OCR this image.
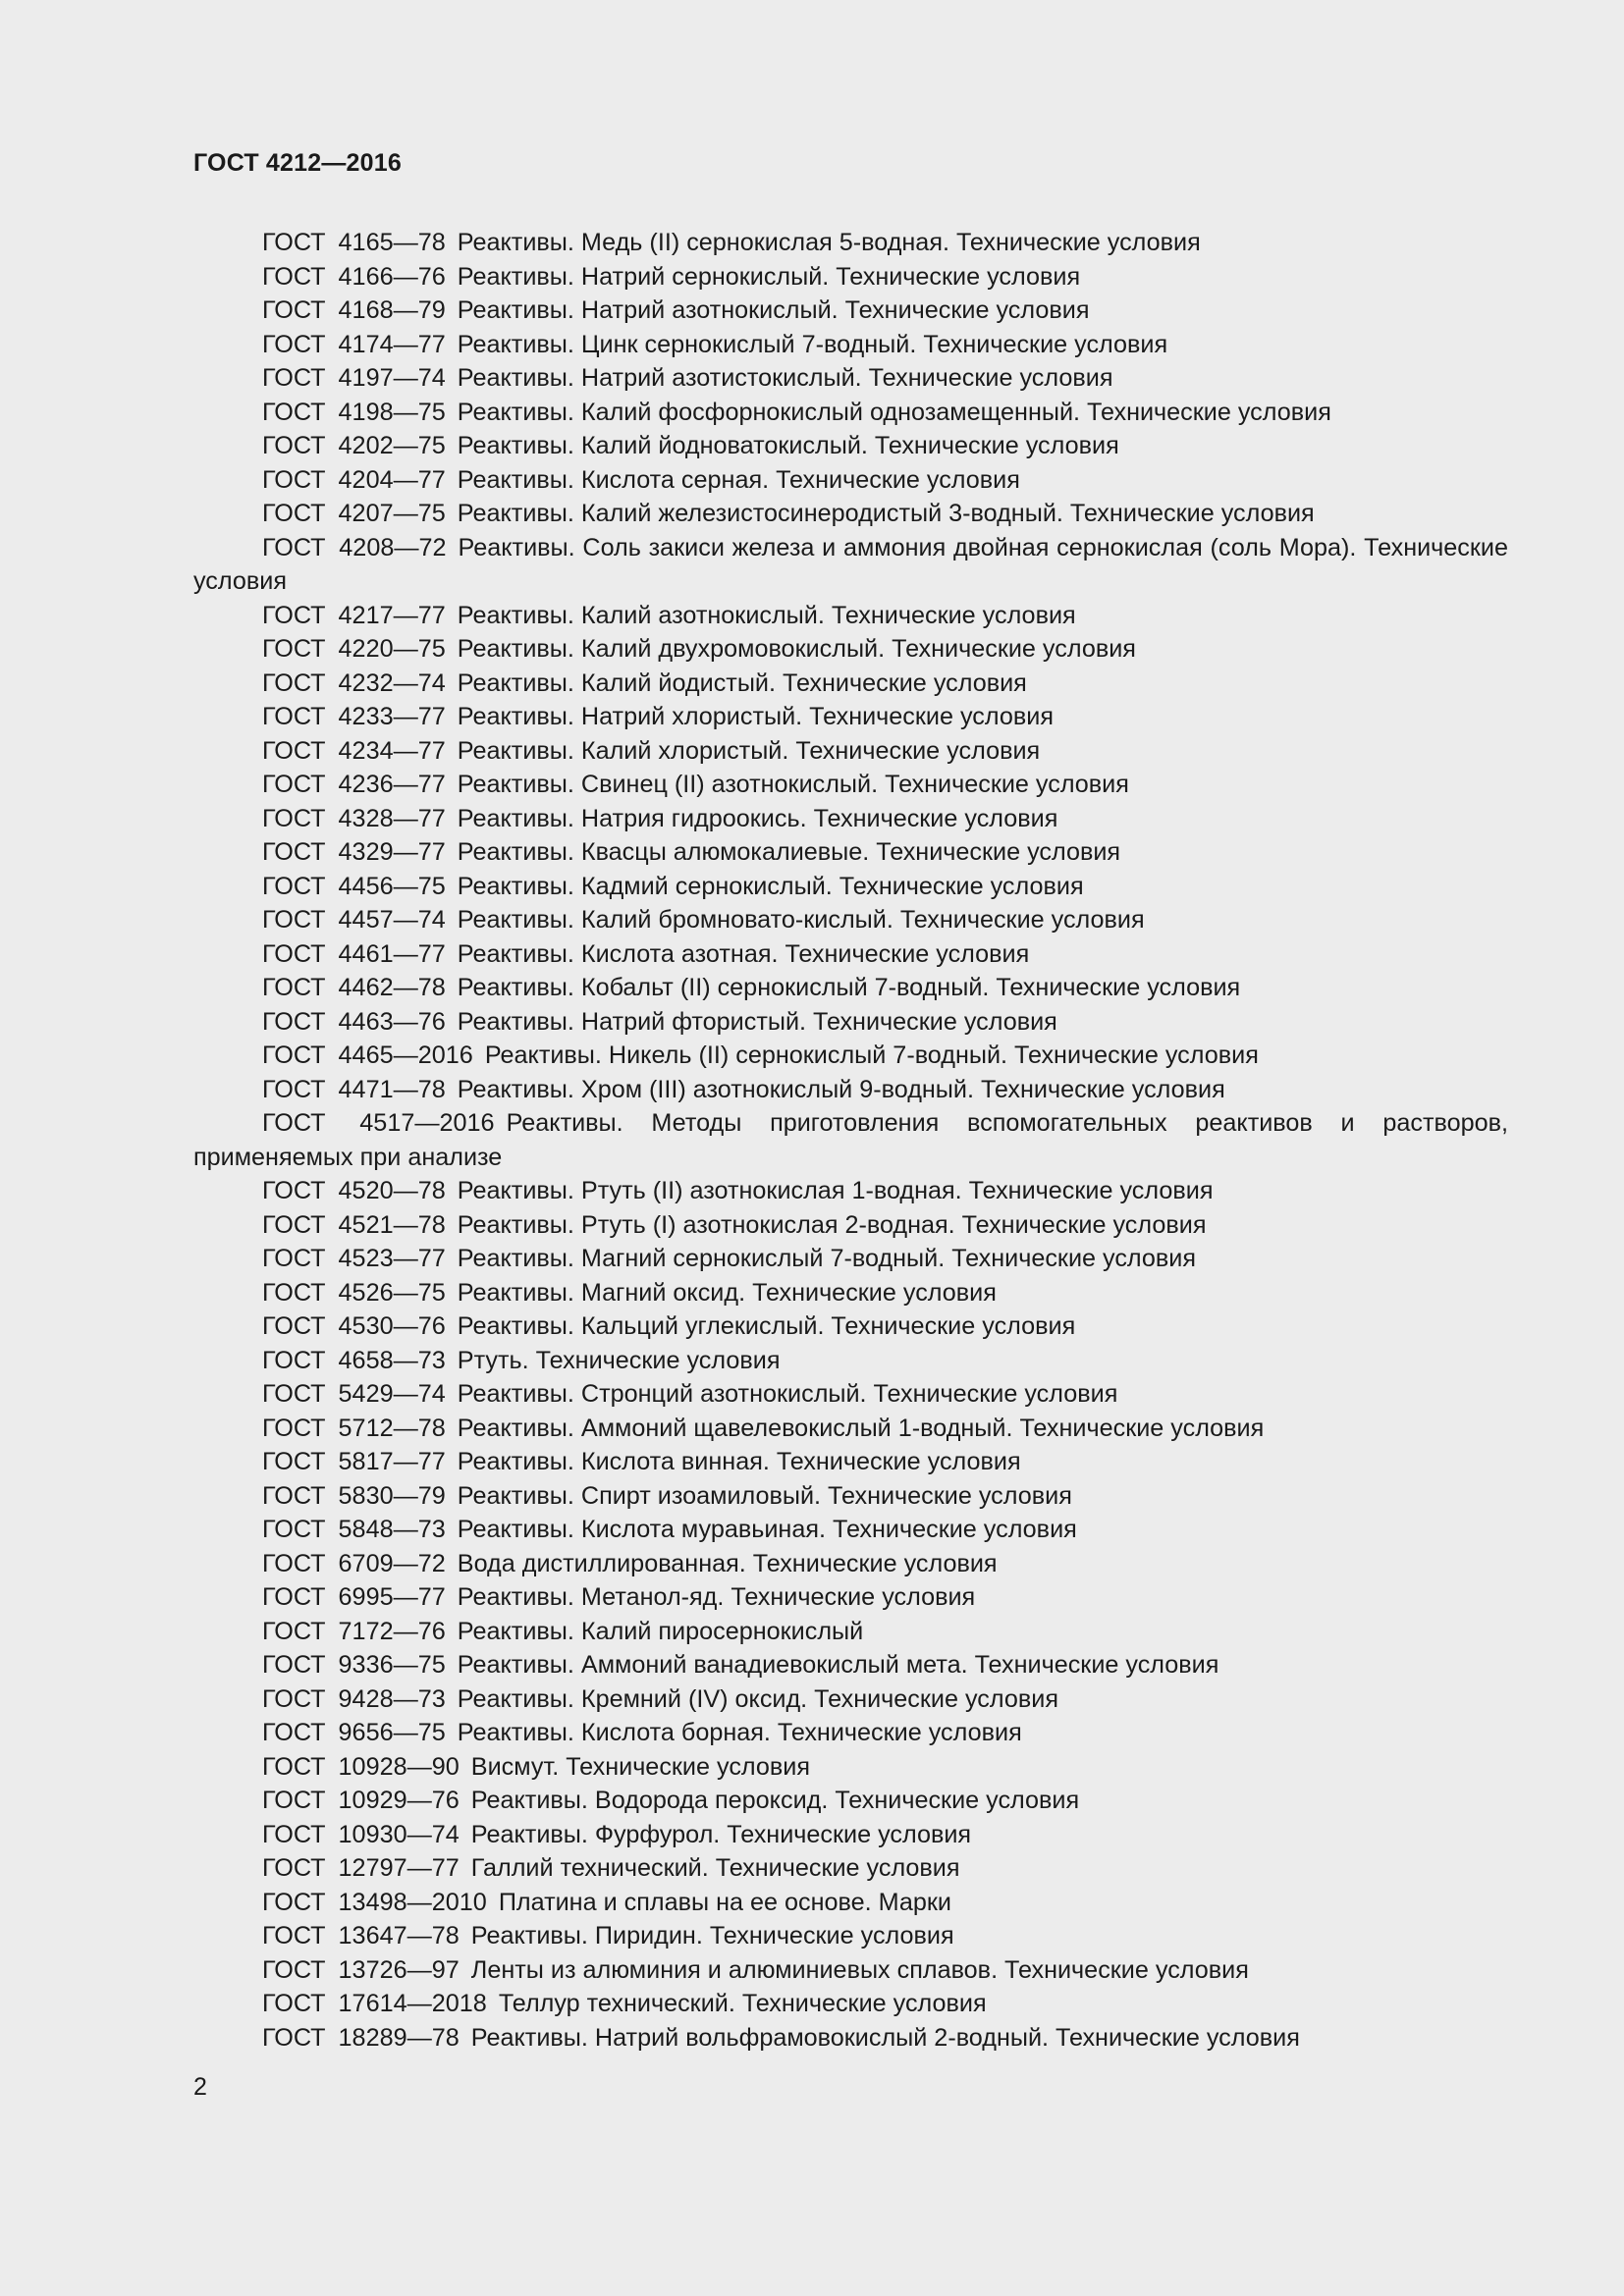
ГОСТ 4212—2016
ГОСТ 4165—78 Реактивы. Медь (II) сернокислая 5-водная. Технические условия
ГОСТ 4166—76 Реактивы. Натрий сернокислый. Технические условия
ГОСТ 4168—79 Реактивы. Натрий азотнокислый. Технические условия
ГОСТ 4174—77 Реактивы. Цинк сернокислый 7-водный. Технические условия
ГОСТ 4197—74 Реактивы. Натрий азотистокислый. Технические условия
ГОСТ 4198—75 Реактивы. Калий фосфорнокислый однозамещенный. Технические условия
ГОСТ 4202—75 Реактивы. Калий йодноватокислый. Технические условия
ГОСТ 4204—77 Реактивы. Кислота серная. Технические условия
ГОСТ 4207—75 Реактивы. Калий железистосинеродистый 3-водный. Технические условия
ГОСТ 4208—72 Реактивы. Соль закиси железа и аммония двойная сернокислая (соль Мора). Технические условия
ГОСТ 4217—77 Реактивы. Калий азотнокислый. Технические условия
ГОСТ 4220—75 Реактивы. Калий двухромовокислый. Технические условия
ГОСТ 4232—74 Реактивы. Калий йодистый. Технические условия
ГОСТ 4233—77 Реактивы. Натрий хлористый. Технические условия
ГОСТ 4234—77 Реактивы. Калий хлористый. Технические условия
ГОСТ 4236—77 Реактивы. Свинец (II) азотнокислый. Технические условия
ГОСТ 4328—77 Реактивы. Натрия гидроокись. Технические условия
ГОСТ 4329—77 Реактивы. Квасцы алюмокалиевые. Технические условия
ГОСТ 4456—75 Реактивы. Кадмий сернокислый. Технические условия
ГОСТ 4457—74 Реактивы. Калий бромновато-кислый. Технические условия
ГОСТ 4461—77 Реактивы. Кислота азотная. Технические условия
ГОСТ 4462—78 Реактивы. Кобальт (II) сернокислый 7-водный. Технические условия
ГОСТ 4463—76 Реактивы. Натрий фтористый. Технические условия
ГОСТ 4465—2016 Реактивы. Никель (II) сернокислый 7-водный. Технические условия
ГОСТ 4471—78 Реактивы. Хром (III) азотнокислый 9-водный. Технические условия
ГОСТ 4517—2016 Реактивы. Методы приготовления вспомогательных реактивов и растворов, применяемых при анализе
ГОСТ 4520—78 Реактивы. Ртуть (II) азотнокислая 1-водная. Технические условия
ГОСТ 4521—78 Реактивы. Ртуть (I) азотнокислая 2-водная. Технические условия
ГОСТ 4523—77 Реактивы. Магний сернокислый 7-водный. Технические условия
ГОСТ 4526—75 Реактивы. Магний оксид. Технические условия
ГОСТ 4530—76 Реактивы. Кальций углекислый. Технические условия
ГОСТ 4658—73 Ртуть. Технические условия
ГОСТ 5429—74 Реактивы. Стронций азотнокислый. Технические условия
ГОСТ 5712—78 Реактивы. Аммоний щавелевокислый 1-водный. Технические условия
ГОСТ 5817—77 Реактивы. Кислота винная. Технические условия
ГОСТ 5830—79 Реактивы. Спирт изоамиловый. Технические условия
ГОСТ 5848—73 Реактивы. Кислота муравьиная. Технические условия
ГОСТ 6709—72 Вода дистиллированная. Технические условия
ГОСТ 6995—77 Реактивы. Метанол-яд. Технические условия
ГОСТ 7172—76 Реактивы. Калий пиросернокислый
ГОСТ 9336—75 Реактивы. Аммоний ванадиевокислый мета. Технические условия
ГОСТ 9428—73 Реактивы. Кремний (IV) оксид. Технические условия
ГОСТ 9656—75 Реактивы. Кислота борная. Технические условия
ГОСТ 10928—90 Висмут. Технические условия
ГОСТ 10929—76 Реактивы. Водорода пероксид. Технические условия
ГОСТ 10930—74 Реактивы. Фурфурол. Технические условия
ГОСТ 12797—77 Галлий технический. Технические условия
ГОСТ 13498—2010 Платина и сплавы на ее основе. Марки
ГОСТ 13647—78 Реактивы. Пиридин. Технические условия
ГОСТ 13726—97 Ленты из алюминия и алюминиевых сплавов. Технические условия
ГОСТ 17614—2018 Теллур технический. Технические условия
ГОСТ 18289—78 Реактивы. Натрий вольфрамовокислый 2-водный. Технические условия
2
